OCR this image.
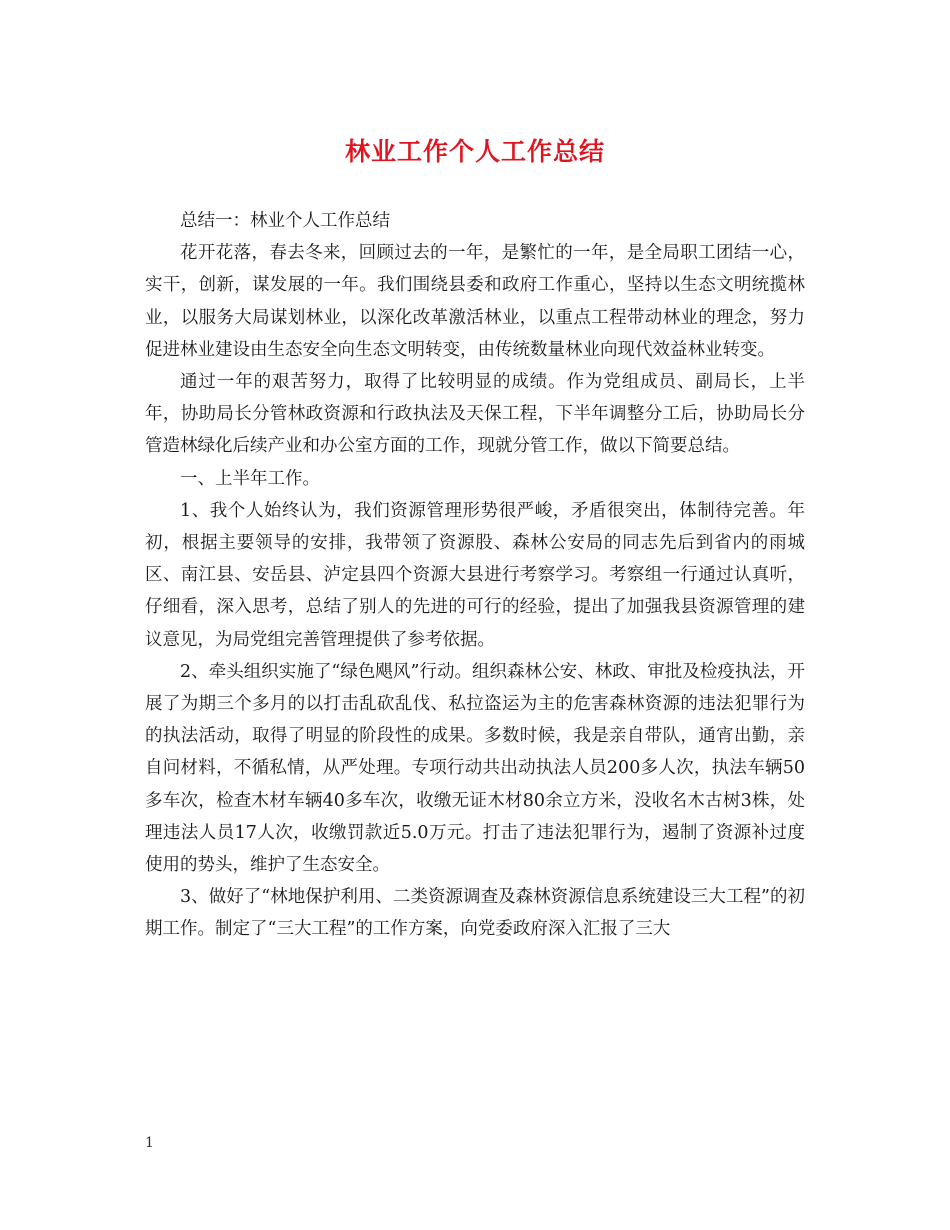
林业工作个人工作总结

总结一：林业个人工作总结

花开花落，春去冬来，回顾过去的一年，是繁忙的一年，是全局职工团结一心，实干，创新，谋发展的一年。我们围绕县委和政府工作重心，坚持以生态文明统揽林业，以服务大局谋划林业，以深化改革激活林业，以重点工程带动林业的理念，努力促进林业建设由生态安全向生态文明转变，由传统数量林业向现代效益林业转变。

通过一年的艰苦努力，取得了比较明显的成绩。作为党组成员、副局长，上半年，协助局长分管林政资源和行政执法及天保工程，下半年调整分工后，协助局长分管造林绿化后续产业和办公室方面的工作，现就分管工作，做以下简要总结。

一、上半年工作。

1、我个人始终认为，我们资源管理形势很严峻，矛盾很突出，体制待完善。年初，根据主要领导的安排，我带领了资源股、森林公安局的同志先后到省内的雨城区、南江县、安岳县、泸定县四个资源大县进行考察学习。考察组一行通过认真听，仔细看，深入思考，总结了别人的先进的可行的经验，提出了加强我县资源管理的建议意见，为局党组完善管理提供了参考依据。

2、牵头组织实施了“绿色飓风”行动。组织森林公安、林政、审批及检疫执法，开展了为期三个多月的以打击乱砍乱伐、私拉盗运为主的危害森林资源的违法犯罪行为的执法活动，取得了明显的阶段性的成果。多数时候，我是亲自带队，通宵出勤，亲自问材料，不循私情，从严处理。专项行动共出动执法人员200多人次，执法车辆50多车次，检查木材车辆40多车次，收缴无证木材80余立方米，没收名木古树3株，处理违法人员17人次，收缴罚款近5.0万元。打击了违法犯罪行为，遏制了资源补过度使用的势头，维护了生态安全。

3、做好了“林地保护利用、二类资源调查及森林资源信息系统建设三大工程”的初期工作。制定了“三大工程”的工作方案，向党委政府深入汇报了三大

1
